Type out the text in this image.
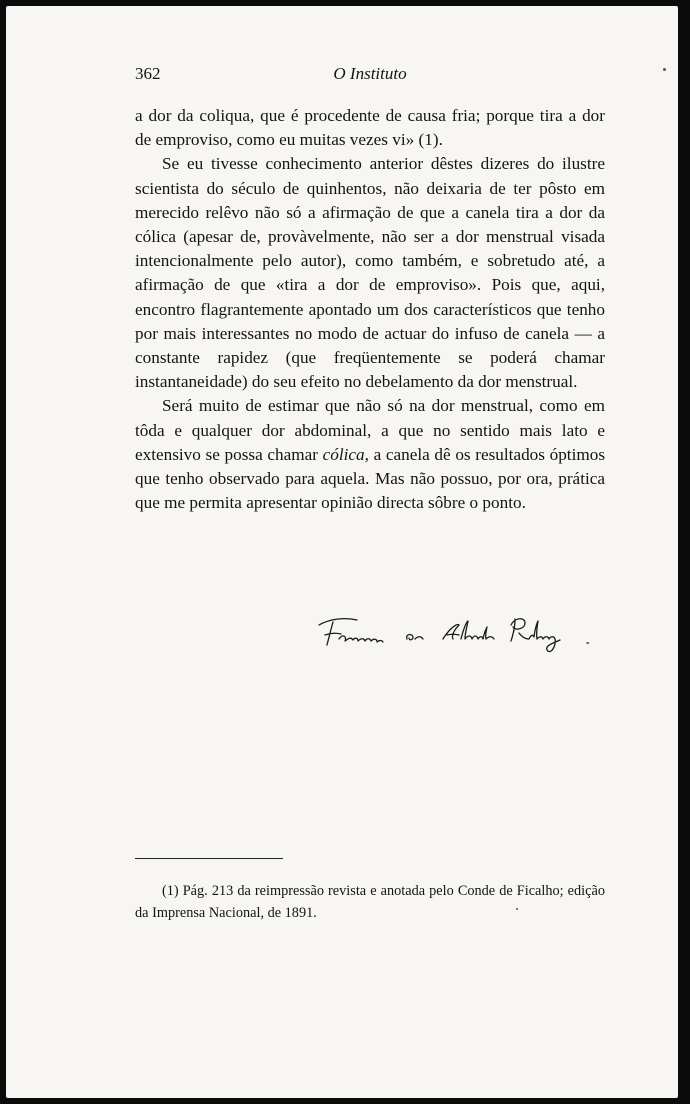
362	O Instituto

a dor da coliqua, que é procedente de causa fria; porque tira a dor de emproviso, como eu muitas vezes vi» (1).

Se eu tivesse conhecimento anterior dêstes dizeres do ilustre scientista do século de quinhentos, não deixaria de ter pôsto em merecido relêvo não só a afirmação de que a canela tira a dor da cólica (apesar de, provàvelmente, não ser a dor menstrual visada intencionalmente pelo autor), como também, e sobretudo até, a afirmação de que «tira a dor de emproviso». Pois que, aqui, encontro flagrantemente apontado um dos característicos que tenho por mais interessantes no modo de actuar do infuso de canela — a constante rapidez (que freqüentemente se poderá chamar instantaneidade) do seu efeito no debelamento da dor menstrual.

Será muito de estimar que não só na dor menstrual, como em tôda e qualquer dor abdominal, a que no sentido mais lato e extensivo se possa chamar cólica, a canela dê os resultados óptimos que tenho observado para aquela. Mas não possuo, por ora, prática que me permita apresentar opinião directa sôbre o ponto.

(1) Pág. 213 da reimpressão revista e anotada pelo Conde de Ficalho; edição da Imprensa Nacional, de 1891.
